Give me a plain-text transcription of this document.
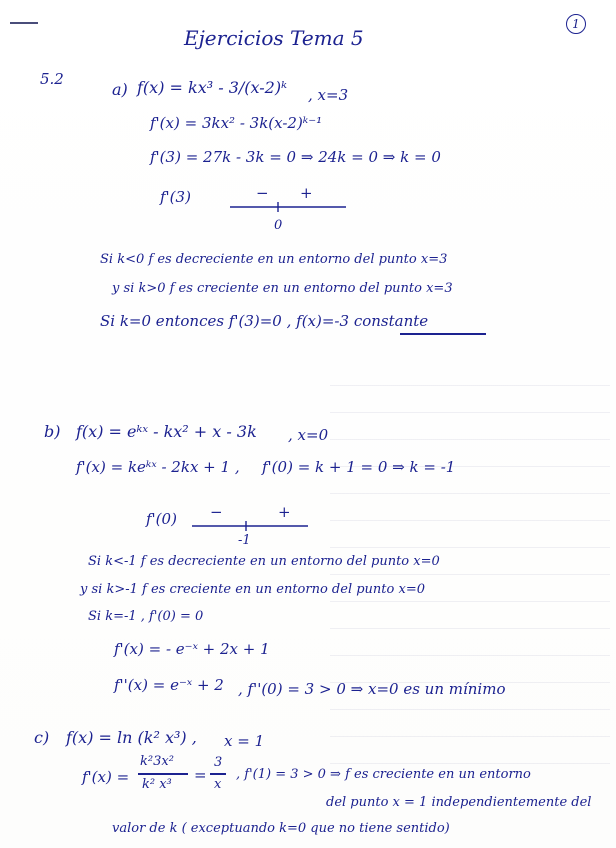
1
Ejercicios Tema 5
5.2
a) f(x) = kx³ - 3/(x-2)ᵏ , x=3
f'(x) = 3kx² - 3k(x-2)ᵏ⁻¹
f'(3) = 27k - 3k = 0 ⇒ 24k = 0 ⇒ k = 0
f'(3)	− +
0
Si k<0 f es decreciente en un entorno del punto x=3
y si k>0 f es creciente en un entorno del punto x=3
Si k=0 entonces f'(3)=0 , f(x)=-3 constante
b) f(x) = eᵏˣ - kx² + x - 3k , x=0
f'(x) = keᵏˣ - 2kx + 1 , f'(0) = k + 1 = 0 ⇒ k = -1
f'(0) −	+
-1
Si k<-1 f es decreciente en un entorno del punto x=0
y si k>-1 f es creciente en un entorno del punto x=0
Si k=-1 , f'(0) = 0
f'(x) = - e⁻ˣ + 2x + 1
f''(x) = e⁻ˣ + 2 , f''(0) = 3 > 0 ⇒ x=0 es un mínimo
c) f(x) = ln (k² x³) , x = 1
f'(x) =
k²3x²
k² x³
=
3
x
, f'(1) = 3 > 0 ⇒ f es creciente en un entorno
del punto x = 1 independientemente del
valor de k ( exceptuando k=0 que no tiene sentido)
